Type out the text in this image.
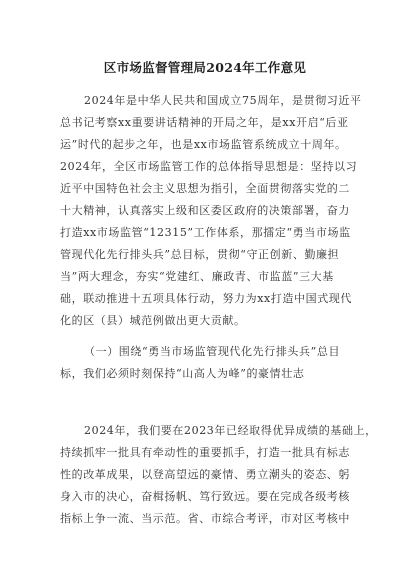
区市场监督管理局2024年工作意见
2024年是中华人民共和国成立75周年，是贯彻习近平
总书记考察xx重要讲话精神的开局之年，是xx开启“后亚
运”时代的起步之年，也是xx市场监管系统成立十周年。
2024年，全区市场监管工作的总体指导思想是：坚持以习
近平中国特色社会主义思想为指引，全面贯彻落实党的二
十大精神，认真落实上级和区委区政府的决策部署，奋力
打造xx市场监管“12315”工作体系，那擂定“勇当市场监
管现代化先行排头兵”总目标，贯彻“守正创新、勤廉担
当”两大理念，夯实“党建红、廉政青、市监蓝”三大基
础，联动推进十五项具体行动，努力为xx打造中国式现代
化的区（县）城范例做出更大贡献。
（一）围绕“勇当市场监管现代化先行排头兵”总目
标，我们必须时刻保持“山高人为峰”的豪情壮志
2024年，我们要在2023年已经取得优异成绩的基础上，
持续抓牢一批具有牵动性的重要抓手，打造一批具有标志
性的改革成果，以登高望远的豪情、勇立潮头的姿态、躬
身入市的决心，奋楫扬帆、笃行致远。要在完成各级考核
指标上争一流、当示范。省、市综合考评，市对区考核中
